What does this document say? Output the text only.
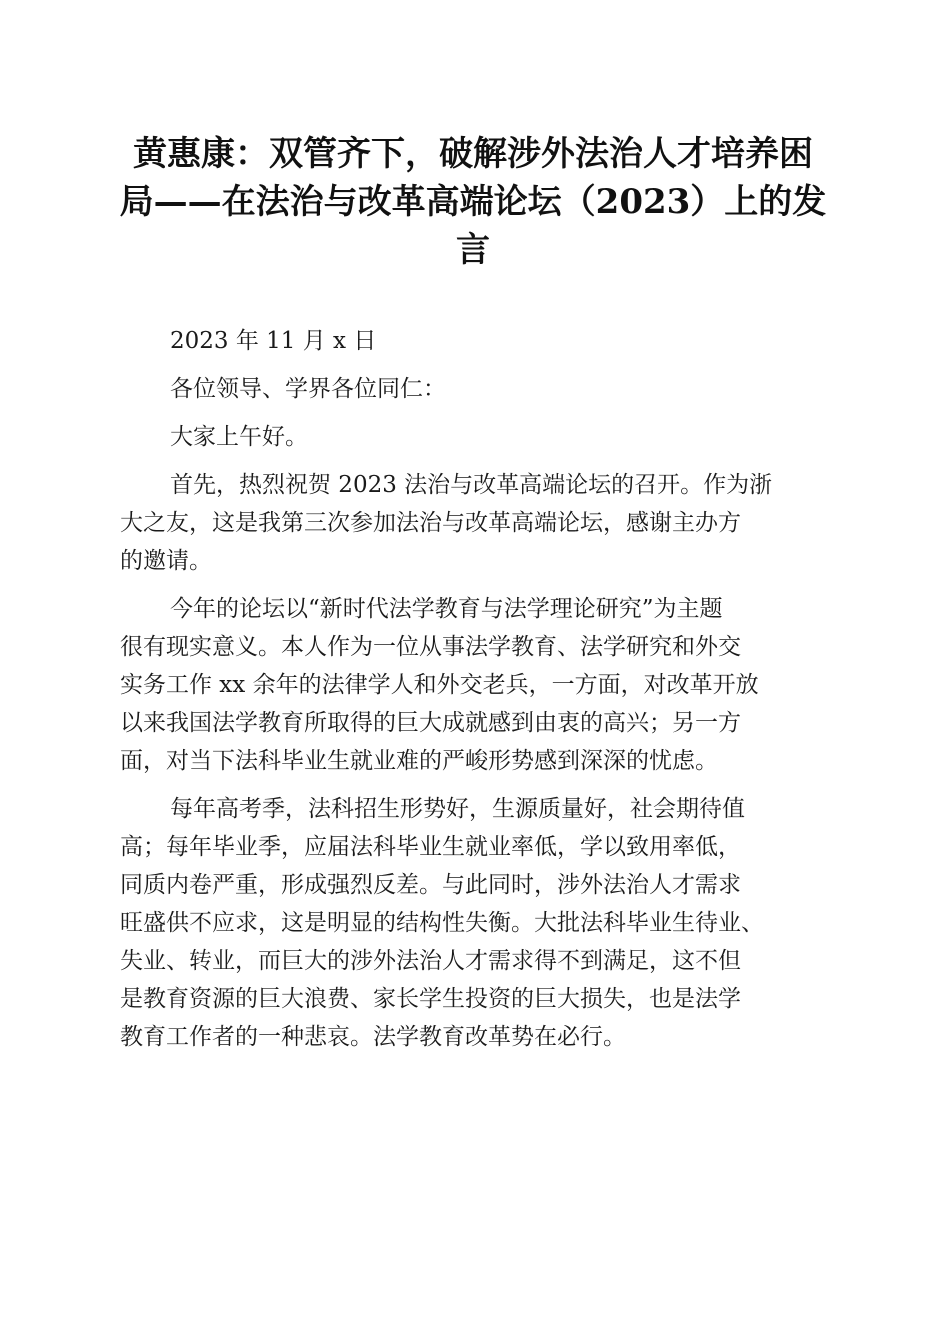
黄惠康：双管齐下，破解涉外法治人才培养困局——在法治与改革高端论坛（2023）上的发言
2023 年 11 月 x 日
各位领导、学界各位同仁：
大家上午好。
首先，热烈祝贺 2023 法治与改革高端论坛的召开。作为浙
大之友，这是我第三次参加法治与改革高端论坛，感谢主办方
的邀请。
今年的论坛以“新时代法学教育与法学理论研究”为主题
很有现实意义。本人作为一位从事法学教育、法学研究和外交
实务工作 xx 余年的法律学人和外交老兵，一方面，对改革开放
以来我国法学教育所取得的巨大成就感到由衷的高兴；另一方
面，对当下法科毕业生就业难的严峻形势感到深深的忧虑。
每年高考季，法科招生形势好，生源质量好，社会期待值
高；每年毕业季，应届法科毕业生就业率低，学以致用率低，
同质内卷严重，形成强烈反差。与此同时，涉外法治人才需求
旺盛供不应求，这是明显的结构性失衡。大批法科毕业生待业、
失业、转业，而巨大的涉外法治人才需求得不到满足，这不但
是教育资源的巨大浪费、家长学生投资的巨大损失，也是法学
教育工作者的一种悲哀。法学教育改革势在必行。
